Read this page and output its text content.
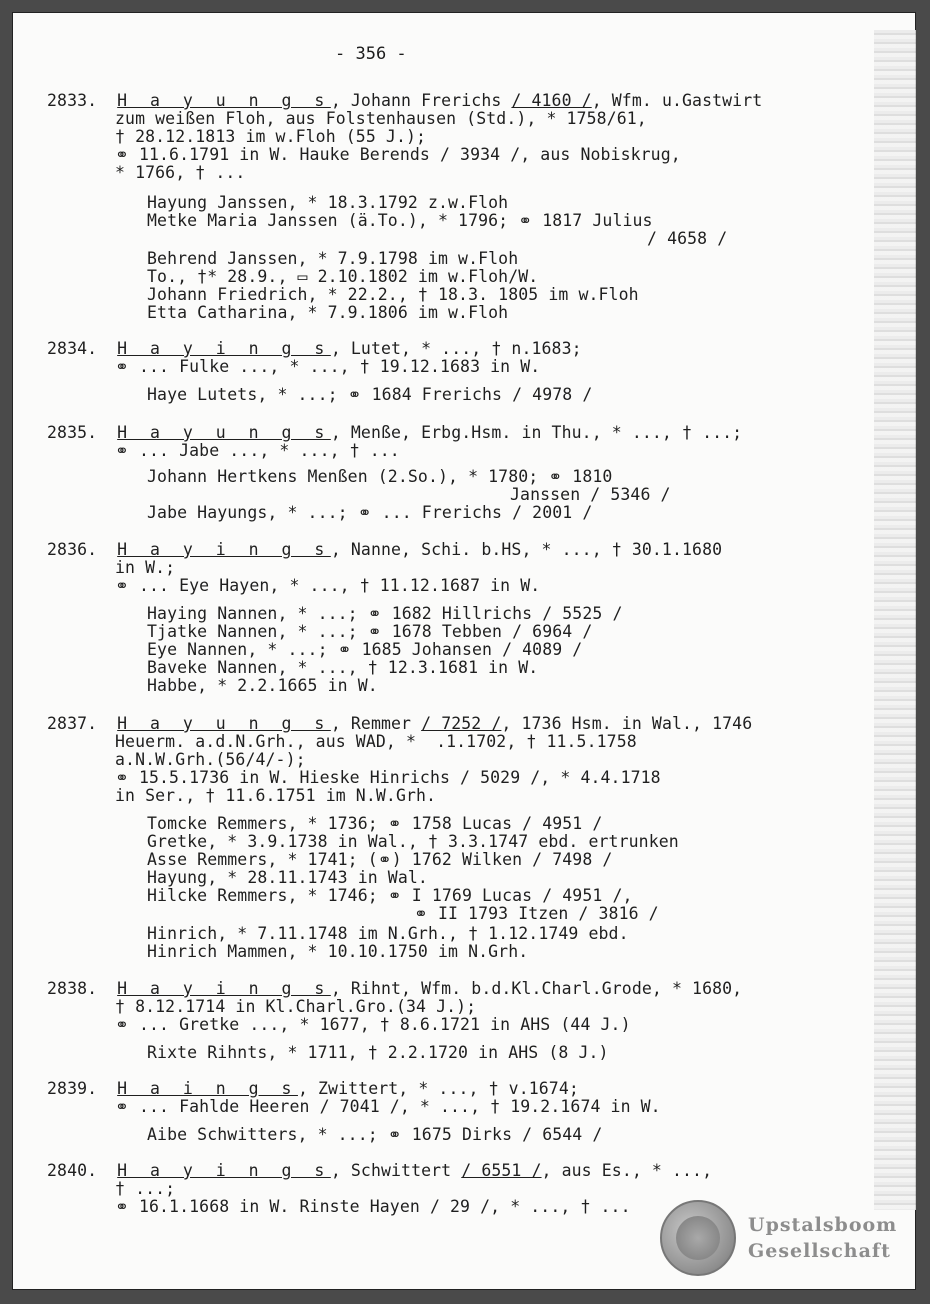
- 356 -
2833. H a y u n g s, Johann Frerichs / 4160 /, Wfm. u.Gastwirt
zum weißen Floh, aus Folstenhausen (Std.), * 1758/61,
† 28.12.1813 im w.Floh (55 J.);
⚭ 11.6.1791 in W. Hauke Berends / 3934 /, aus Nobiskrug,
* 1766, † ...
Hayung Janssen, * 18.3.1792 z.w.Floh
Metke Maria Janssen (ä.To.), * 1796; ⚭ 1817 Julius
/ 4658 /
Behrend Janssen, * 7.9.1798 im w.Floh
To., †* 28.9., ▭ 2.10.1802 im w.Floh/W.
Johann Friedrich, * 22.2., † 18.3. 1805 im w.Floh
Etta Catharina, * 7.9.1806 im w.Floh
2834. H a y i n g s, Lutet, * ..., † n.1683;
⚭ ... Fulke ..., * ..., † 19.12.1683 in W.
Haye Lutets, * ...; ⚭ 1684 Frerichs / 4978 /
2835. H a y u n g s, Menße, Erbg.Hsm. in Thu., * ..., † ...;
⚭ ... Jabe ..., * ..., † ...
Johann Hertkens Menßen (2.So.), * 1780; ⚭ 1810
Janssen / 5346 /
Jabe Hayungs, * ...; ⚭ ... Frerichs / 2001 /
2836. H a y i n g s, Nanne, Schi. b.HS, * ..., † 30.1.1680
in W.;
⚭ ... Eye Hayen, * ..., † 11.12.1687 in W.
Haying Nannen, * ...; ⚭ 1682 Hillrichs / 5525 /
Tjatke Nannen, * ...; ⚭ 1678 Tebben / 6964 /
Eye Nannen, * ...; ⚭ 1685 Johansen / 4089 /
Baveke Nannen, * ..., † 12.3.1681 in W.
Habbe, * 2.2.1665 in W.
2837. H a y u n g s, Remmer / 7252 /, 1736 Hsm. in Wal., 1746
Heuerm. a.d.N.Grh., aus WAD, *  .1.1702, † 11.5.1758
a.N.W.Grh.(56/4/-);
⚭ 15.5.1736 in W. Hieske Hinrichs / 5029 /, * 4.4.1718
in Ser., † 11.6.1751 im N.W.Grh.
Tomcke Remmers, * 1736; ⚭ 1758 Lucas / 4951 /
Gretke, * 3.9.1738 in Wal., † 3.3.1747 ebd. ertrunken
Asse Remmers, * 1741; (⚭) 1762 Wilken / 7498 /
Hayung, * 28.11.1743 in Wal.
Hilcke Remmers, * 1746; ⚭ I 1769 Lucas / 4951 /,
⚭ II 1793 Itzen / 3816 /
Hinrich, * 7.11.1748 im N.Grh., † 1.12.1749 ebd.
Hinrich Mammen, * 10.10.1750 im N.Grh.
2838. H a y i n g s, Rihnt, Wfm. b.d.Kl.Charl.Grode, * 1680,
† 8.12.1714 in Kl.Charl.Gro.(34 J.);
⚭ ... Gretke ..., * 1677, † 8.6.1721 in AHS (44 J.)
Rixte Rihnts, * 1711, † 2.2.1720 in AHS (8 J.)
2839. H a i n g s, Zwittert, * ..., † v.1674;
⚭ ... Fahlde Heeren / 7041 /, * ..., † 19.2.1674 in W.
Aibe Schwitters, * ...; ⚭ 1675 Dirks / 6544 /
2840. H a y i n g s, Schwittert / 6551 /, aus Es., * ...,
† ...;
⚭ 16.1.1668 in W. Rinste Hayen / 29 /, * ..., † ...
Upstalsboom
Gesellschaft
